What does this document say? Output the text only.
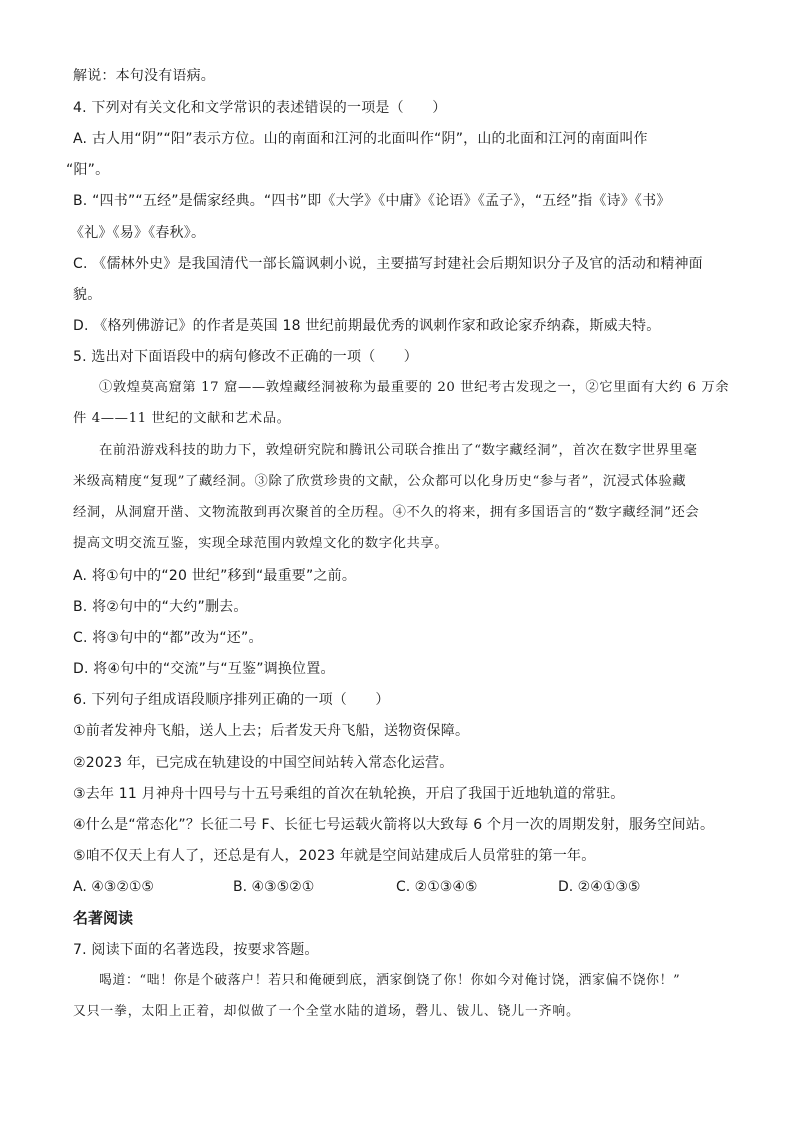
解说：本句没有语病。
4. 下列对有关文化和文学常识的表述错误的一项是（　　）
A. 古人用“阴”“阳”表示方位。山的南面和江河的北面叫作“阴”，山的北面和江河的南面叫作
“阳”。
B. “四书”“五经”是儒家经典。“四书”即《大学》《中庸》《论语》《孟子》，“五经”指《诗》《书》
《礼》《易》《春秋》。
C. 《儒林外史》是我国清代一部长篇讽刺小说，主要描写封建社会后期知识分子及官的活动和精神面
貌。
D. 《格列佛游记》的作者是英国 18 世纪前期最优秀的讽刺作家和政论家乔纳森，斯威夫特。
5. 选出对下面语段中的病句修改不正确的一项（　　）
①敦煌莫高窟第 17 窟——敦煌藏经洞被称为最重要的 20 世纪考古发现之一，②它里面有大约 6 万余
件 4——11 世纪的文献和艺术品。
在前沿游戏科技的助力下，敦煌研究院和腾讯公司联合推出了“数字藏经洞”，首次在数字世界里毫
米级高精度“复现”了藏经洞。③除了欣赏珍贵的文献，公众都可以化身历史“参与者”，沉浸式体验藏
经洞，从洞窟开凿、文物流散到再次聚首的全历程。④不久的将来，拥有多国语言的“数字藏经洞”还会
提高文明交流互鉴，实现全球范围内敦煌文化的数字化共享。
A. 将①句中的“20 世纪”移到“最重要”之前。
B. 将②句中的“大约”删去。
C. 将③句中的“都”改为“还”。
D. 将④句中的“交流”与“互鉴”调换位置。
6. 下列句子组成语段顺序排列正确的一项（　　）
①前者发神舟飞船，送人上去；后者发天舟飞船，送物资保障。
②2023 年，已完成在轨建设的中国空间站转入常态化运营。
③去年 11 月神舟十四号与十五号乘组的首次在轨轮换，开启了我国于近地轨道的常驻。
④什么是“常态化”？长征二号 F、长征七号运载火箭将以大致每 6 个月一次的周期发射，服务空间站。
⑤咱不仅天上有人了，还总是有人，2023 年就是空间站建成后人员常驻的第一年。
A. ④③②①⑤	B. ④③⑤②①	C. ②①③④⑤	D. ②④①③⑤
名著阅读
7. 阅读下面的名著选段，按要求答题。
喝道：“咄！你是个破落户！若只和俺硬到底，洒家倒饶了你！你如今对俺讨饶，洒家偏不饶你！”
又只一拳，太阳上正着，却似做了一个全堂水陆的道场，磬儿、钹儿、铙儿一齐响。
